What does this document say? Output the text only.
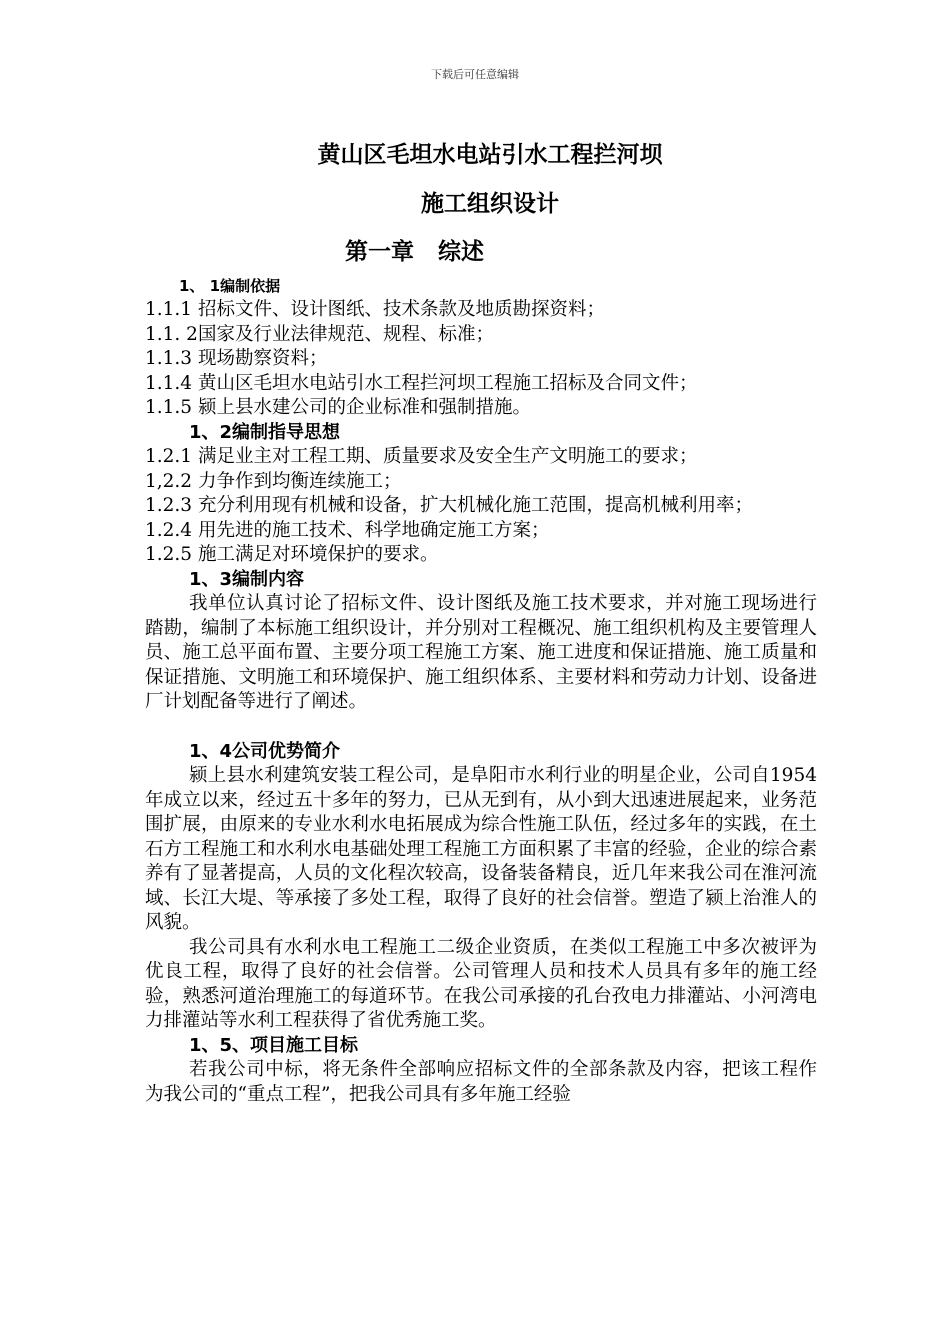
下载后可任意编辑
黄山区毛坦水电站引水工程拦河坝
施工组织设计
第一章   综述

1、 1编制依据

1.1.1 招标文件、设计图纸、技术条款及地质勘探资料；

1.1. 2国家及行业法律规范、规程、标准；

1.1.3 现场勘察资料；

1.1.4 黄山区毛坦水电站引水工程拦河坝工程施工招标及合同文件；

1.1.5 颍上县水建公司的企业标准和强制措施。

1、2编制指导思想

1.2.1 满足业主对工程工期、质量要求及安全生产文明施工的要求；

1,2.2 力争作到均衡连续施工；

1.2.3 充分利用现有机械和设备，扩大机械化施工范围，提高机械利用率；

1.2.4 用先进的施工技术、科学地确定施工方案；

1.2.5 施工满足对环境保护的要求。

1、3编制内容

我单位认真讨论了招标文件、设计图纸及施工技术要求，并对施工现场进行踏勘，编制了本标施工组织设计，并分别对工程概况、施工组织机构及主要管理人员、施工总平面布置、主要分项工程施工方案、施工进度和保证措施、施工质量和保证措施、文明施工和环境保护、施工组织体系、主要材料和劳动力计划、设备进厂计划配备等进行了阐述。

1、4公司优势简介

颍上县水利建筑安装工程公司，是阜阳市水利行业的明星企业，公司自1954年成立以来，经过五十多年的努力，已从无到有，从小到大迅速进展起来，业务范围扩展，由原来的专业水利水电拓展成为综合性施工队伍，经过多年的实践，在土石方工程施工和水利水电基础处理工程施工方面积累了丰富的经验，企业的综合素养有了显著提高，人员的文化程次较高，设备装备精良，近几年来我公司在淮河流域、长江大堤、等承接了多处工程，取得了良好的社会信誉。塑造了颍上治淮人的风貌。

我公司具有水利水电工程施工二级企业资质，在类似工程施工中多次被评为优良工程，取得了良好的社会信誉。公司管理人员和技术人员具有多年的施工经验，熟悉河道治理施工的每道环节。在我公司承接的孔台孜电力排灌站、小河湾电力排灌站等水利工程获得了省优秀施工奖。

1、5、项目施工目标

若我公司中标，将无条件全部响应招标文件的全部条款及内容，把该工程作为我公司的“重点工程”，把我公司具有多年施工经验
